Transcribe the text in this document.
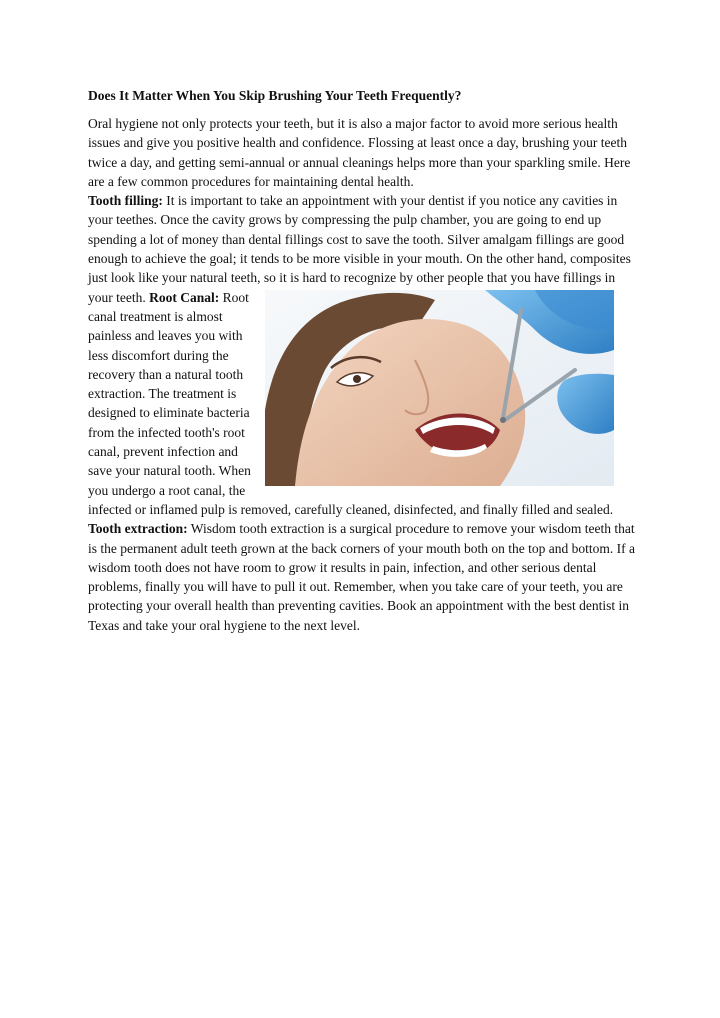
Does It Matter When You Skip Brushing Your Teeth Frequently?

Oral hygiene not only protects your teeth, but it is also a major factor to avoid more serious health issues and give you positive health and confidence. Flossing at least once a day, brushing your teeth twice a day, and getting semi-annual or annual cleanings helps more than your sparkling smile. Here are a few common procedures for maintaining dental health.

Tooth filling: It is important to take an appointment with your dentist if you notice any cavities in your teethes. Once the cavity grows by compressing the pulp chamber, you are going to end up spending a lot of money than dental fillings cost to save the tooth. Silver amalgam fillings are good enough to achieve the goal; it tends to be more visible in your mouth. On the other hand, composites just look like your natural teeth, so it is hard to recognize by other people that you have fillings in your teeth. Root Canal:
Root canal treatment is almost painless and leaves you with less discomfort during the recovery than a natural tooth extraction. The treatment is designed to eliminate bacteria from the infected tooth's root canal, prevent infection and save your natural tooth. When you undergo a root canal, the infected or inflamed pulp is removed, carefully cleaned, disinfected, and finally filled and sealed. Tooth extraction: Wisdom tooth extraction is a surgical procedure to remove your wisdom teeth that is the permanent adult teeth grown at the back corners of your mouth both on the top and bottom. If a wisdom tooth does not have room to grow it results in pain, infection, and other serious dental problems, finally you will have to pull it out. Remember, when you take care of your teeth, you are protecting your overall health than preventing cavities. Book an appointment with the best dentist in Texas and take your oral hygiene to the next level.
